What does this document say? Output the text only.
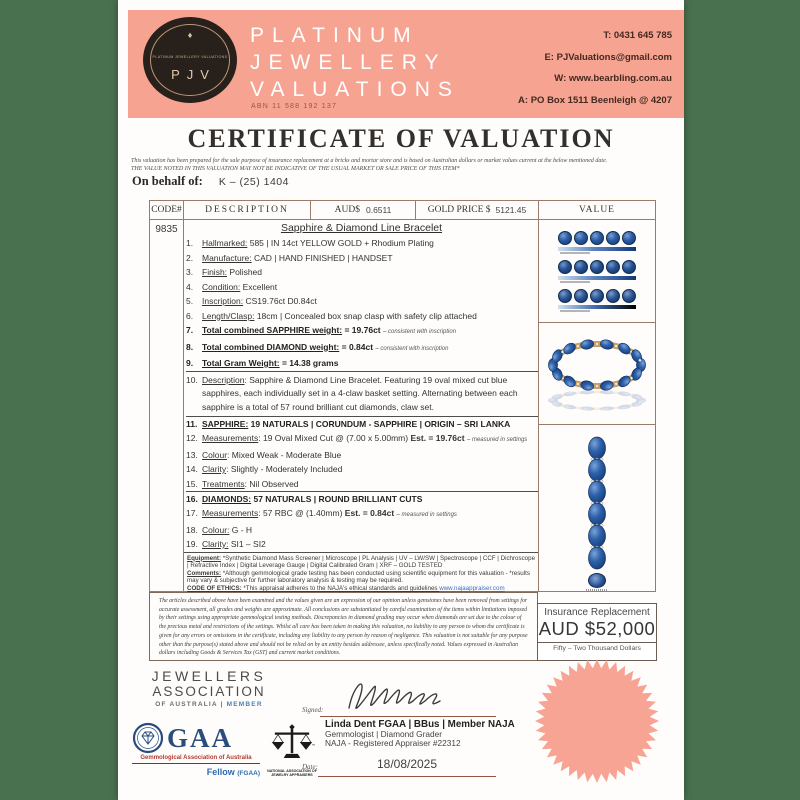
♦
PLATINUM JEWELLERY VALUATIONS
PJV
PLATINUM
JEWELLERY
VALUATIONS
ABN 11 588 192 137
T: 0431 645 785
E: PJValuations@gmail.com
W: www.bearbling.com.au
A: PO Box 1511 Beenleigh @ 4207
CERTIFICATE OF VALUATION
This valuation has been prepared for the sale purpose of insurance replacement at a bricks and mortar store and is based on Australian dollars or market values current at the below mentioned date.
THE VALUE NOTED IN THIS VALUATION MAY NOT BE INDICATIVE OF THE USUAL MARKET OR SALE PRICE OF THIS ITEM*
On behalf of: K – (25) 1404
CODE#	DESCRIPTION	AUD$ 0.6511	GOLD PRICE $ 5121.45	VALUE
9835	Sapphire & Diamond Line Bracelet
1.	Hallmarked: 585 | IN 14ct YELLOW GOLD + Rhodium Plating
2.	Manufacture: CAD | HAND FINISHED | HANDSET
3.	Finish: Polished
4.	Condition: Excellent
5.	Inscription: CS19.76ct D0.84ct
6.	Length/Clasp: 18cm | Concealed box snap clasp with safety clip attached
7.	Total combined SAPPHIRE weight: = 19.76ct – consistent with inscription
8.	Total combined DIAMOND weight: = 0.84ct – consistent with inscription
9.	Total Gram Weight: = 14.38 grams
10. Description: Sapphire & Diamond Line Bracelet. Featuring 19 oval mixed cut blue sapphires, each individually set in a 4-claw basket setting. Alternating between each sapphire is a total of 57 round brilliant cut diamonds, claw set.
11. SAPPHIRE: 19 NATURALS | CORUNDUM - SAPPHIRE | ORIGIN – SRI LANKA
12. Measurements: 19 Oval Mixed Cut @ (7.00 x 5.00mm) Est. = 19.76ct – measured in settings
13. Colour: Mixed Weak - Moderate Blue
14. Clarity: Slightly - Moderately Included
15. Treatments: Nil Observed
16. DIAMONDS: 57 NATURALS | ROUND BRILLIANT CUTS
17. Measurements: 57 RBC @ (1.40mm) Est. = 0.84ct – measured in settings
18. Colour: G - H
19. Clarity: SI1 – SI2
Equipment: *Synthetic Diamond Mass Screener | Microscope | PL Analysis | UV – LW/SW | Spectroscope | CCF | Dichroscope | Refractive Index | Digital Leverage Gauge | Digital Calibrated Gram | XRF – GOLD TESTED
Comments: *Although gemmological grade testing has been conducted using scientific equipment for this valuation - *results may vary & subjective for further laboratory analysis & testing may be required.
CODE OF ETHICS: *This appraisal adheres to the NAJA's ethical standards and guidelines www.najaappraiser.com
The articles described above have been examined and the values given are an expression of our opinion unless gemstones have been removed from settings for accurate assessment, all grades and weights are approximate. All conclusions are substantiated by careful examination of the items within limitations imposed by their settings using appropriate gemmological testing methods. Discrepancies in diamond grading may occur when diamonds are set due to the colour of the precious metal and restrictions of the settings. Whilst all care has been taken in making this valuation, no liability to any person to whom the certificate is given for any errors or omissions in the certificate, including any liability to any person by reason of negligence. This valuation is not suitable for any purpose other than the purpose(s) stated above and should not be relied on by an entity besides addressee, unless specifically noted. Values expressed in Australian dollars including Goods & Services Tax (GST) and current market conditions.
Insurance Replacement
AUD $52,000
Fifty – Two Thousand Dollars
JEWELLERS
ASSOCIATION
OF AUSTRALIA | MEMBER
GAA
Gemmological Association of Australia
Fellow (FGAA)
™
NATIONAL ASSOCIATION OF
JEWELRY APPRAISERS
Signed:
Linda Dent FGAA | BBus | Member NAJA
Gemmologist | Diamond Grader
NAJA - Registered Appraiser #22312
Date:	18/08/2025
